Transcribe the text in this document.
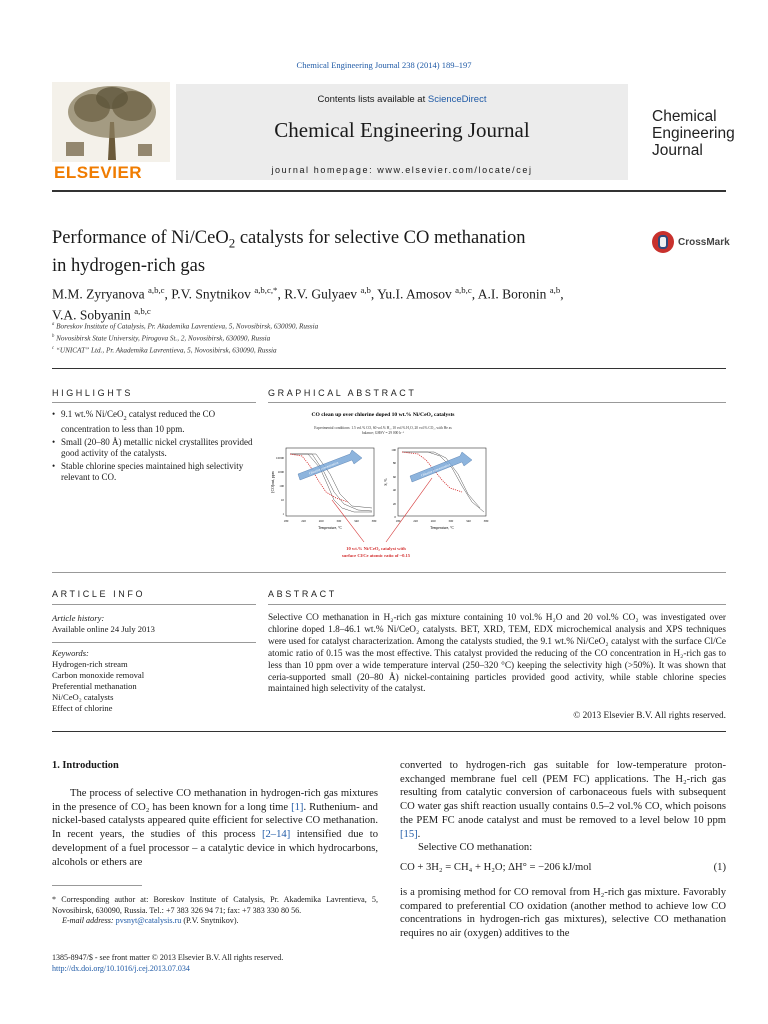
Chemical Engineering Journal 238 (2014) 189–197
ELSEVIER
Contents lists available at ScienceDirect
Chemical Engineering Journal
journal homepage: www.elsevier.com/locate/cej
Chemical
Engineering
Journal
Performance of Ni/CeO$_2$ catalysts for selective CO methanation
in hydrogen-rich gas
CrossMark
M.M. Zyryanova $^{a,b,c}$, P.V. Snytnikov $^{a,b,c,*}$, R.V. Gulyaev $^{a,b}$, Yu.I. Amosov $^{a,b,c}$, A.I. Boronin $^{a,b}$,
V.A. Sobyanin $^{a,b,c}$
$^a$ Boreskov Institute of Catalysis, Pr. Akademika Lavrentieva, 5, Novosibirsk, 630090, Russia
$^b$ Novosibirsk State University, Pirogova St., 2, Novosibirsk, 630090, Russia
$^c$ “UNICAT” Ltd., Pr. Akademika Lavrentieva, 5, Novosibirsk, 630090, Russia
HIGHLIGHTS
• 9.1 wt.% Ni/CeO$_2$ catalyst reduced the CO concentration to less than 10 ppm.
• Small (20–80 Å) metallic nickel crystallites provided good activity of the catalysts.
• Stable chlorine species maintained high selectivity relevant to CO.
GRAPHICAL ABSTRACT
CO clean up over chlorine doped 10 wt.% Ni/CeO₂ catalysts
Experimental conditions: 1.5 vol.% CO, 60 vol.% H₂, 10 vol.% H₂O, 20 vol.% CO₂, with He as
balance; GHSV = 29 000 h⁻¹
[CO]out, ppm
10000
1000
100
10
1
180	220	260	300	340	380
Temperature, °C
Chlorine concentration
S, %
100
80
60
40
20
0
180	220	260	300	340	380
Temperature, °C
Chlorine concentration
10 wt.% Ni/CeO₂ catalyst with
surface Cl/Ce atomic ratio of ~0.15
ARTICLE INFO
Article history:
Available online 24 July 2013
Keywords:
Hydrogen-rich stream
Carbon monoxide removal
Preferential methanation
Ni/CeO₂ catalysts
Effect of chlorine
ABSTRACT
Selective CO methanation in H₂-rich gas mixture containing 10 vol.% H₂O and 20 vol.% CO₂ was investigated over chlorine doped 1.8–46.1 wt.% Ni/CeO₂ catalysts. BET, XRD, TEM, EDX microchemical analysis and XPS techniques were used for catalyst characterization. Among the catalysts studied, the 9.1 wt.% Ni/CeO₂ catalyst with the surface Cl/Ce atomic ratio of 0.15 was the most effective. This catalyst provided the reducing of the CO concentration in H₂-rich gas to less than 10 ppm over a wide temperature interval (250–320 °C) keeping the selectivity high (>50%). It was shown that ceria-supported small (20–80 Å) nickel-containing particles provided good activity, while stable chlorine species maintained high selectivity of the catalyst.
© 2013 Elsevier B.V. All rights reserved.
1. Introduction
The process of selective CO methanation in hydrogen-rich gas mixtures in the presence of CO₂ has been known for a long time [1]. Ruthenium- and nickel-based catalysts appeared quite efficient for selective CO methanation. In recent years, the studies of this process [2–14] intensified due to development of a fuel processor – a catalytic device in which hydrocarbons, alcohols or ethers are
converted to hydrogen-rich gas suitable for low-temperature proton-exchanged membrane fuel cell (PEM FC) applications. The H₂-rich gas resulting from catalytic conversion of carbonaceous fuels with subsequent CO water gas shift reaction usually contains 0.5–2 vol.% CO, which poisons the PEM FC anode catalyst and must be removed to a level below 10 ppm [15].
Selective CO methanation:
CO + 3H₂ = CH₄ + H₂O; ΔH° = −206 kJ/mol	(1)
is a promising method for CO removal from H₂-rich gas mixture. Favorably compared to preferential CO oxidation (another method to achieve low CO concentrations in hydrogen-rich gas mixtures), selective CO methanation requires no air (oxygen) additives to the
* Corresponding author at: Boreskov Institute of Catalysis, Pr. Akademika Lavrentieva, 5, Novosibirsk, 630090, Russia. Tel.: +7 383 326 94 71; fax: +7 383 330 80 56.
E-mail address: pvsnyt@catalysis.ru (P.V. Snytnikov).
1385-8947/$ - see front matter © 2013 Elsevier B.V. All rights reserved.
http://dx.doi.org/10.1016/j.cej.2013.07.034
